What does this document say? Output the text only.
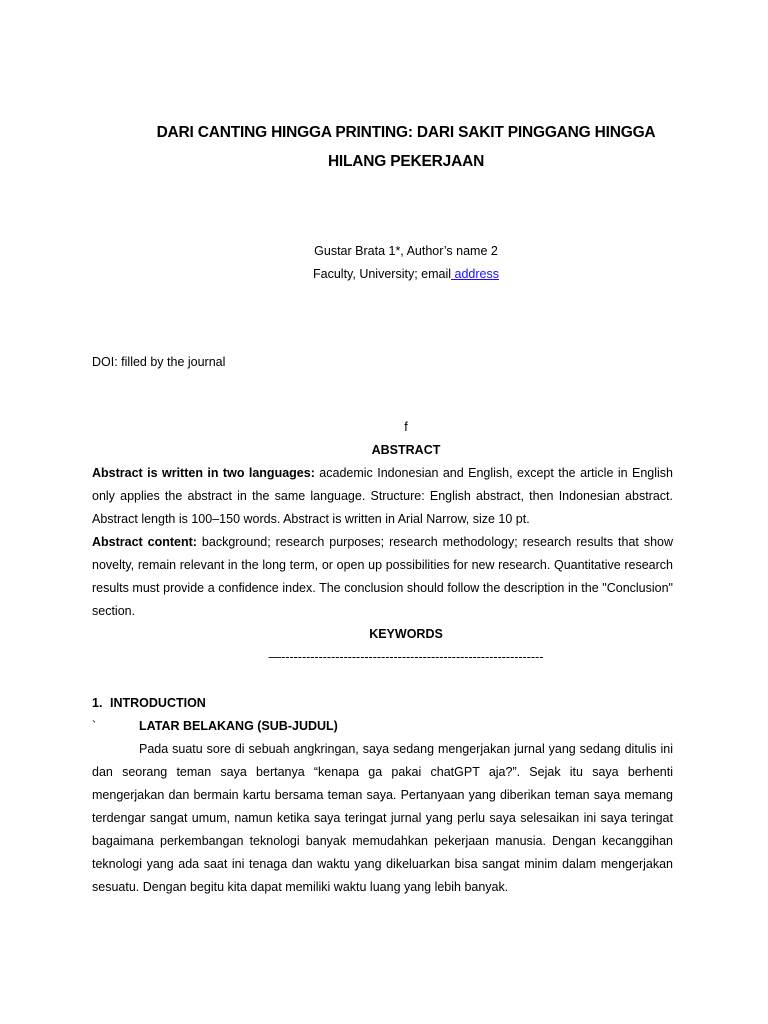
DARI CANTING HINGGA PRINTING: DARI SAKIT PINGGANG HINGGA
HILANG PEKERJAAN
Gustar Brata 1*, Author’s name 2
Faculty, University; email address
DOI: filled by the journal
f
ABSTRACT
Abstract is written in two languages: academic Indonesian and English, except the article in English only applies the abstract in the same language. Structure: English abstract, then Indonesian abstract. Abstract length is 100–150 words. Abstract is written in Arial Narrow, size 10 pt.
Abstract content: background; research purposes; research methodology; research results that show novelty, remain relevant in the long term, or open up possibilities for new research. Quantitative research results must provide a confidence index. The conclusion should follow the description in the "Conclusion" section.
KEYWORDS
—---------------------------------------------------------------
1. INTRODUCTION
`	LATAR BELAKANG (SUB-JUDUL)
Pada suatu sore di sebuah angkringan, saya sedang mengerjakan jurnal yang sedang ditulis ini dan seorang teman saya bertanya “kenapa ga pakai chatGPT aja?”. Sejak itu saya berhenti mengerjakan dan bermain kartu bersama teman saya. Pertanyaan yang diberikan teman saya memang terdengar sangat umum, namun ketika saya teringat jurnal yang perlu saya selesaikan ini saya teringat bagaimana perkembangan teknologi banyak memudahkan pekerjaan manusia. Dengan kecanggihan teknologi yang ada saat ini tenaga dan waktu yang dikeluarkan bisa sangat minim dalam mengerjakan sesuatu. Dengan begitu kita dapat memiliki waktu luang yang lebih banyak.
